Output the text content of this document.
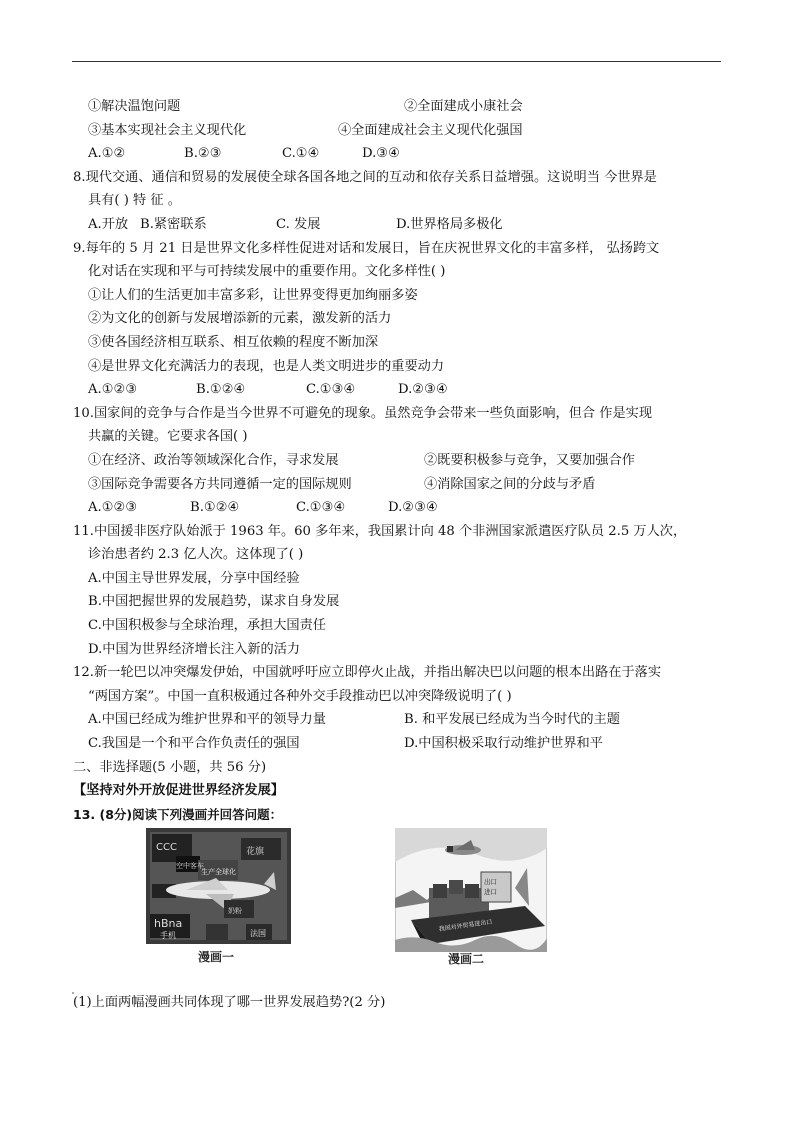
①解决温饱问题	②全面建成小康社会
③基本实现社会主义现代化	④全面建成社会主义现代化强国
A.①②	B.②③	C.①④	D.③④
8.现代交通、通信和贸易的发展使全球各国各地之间的互动和依存关系日益增强。这说明当 今世界是
具有( ) 特 征 。
A.开放 B.紧密联系	C. 发展	D.世界格局多极化
9.每年的 5 月 21 日是世界文化多样性促进对话和发展日，旨在庆祝世界文化的丰富多样， 弘扬跨文
化对话在实现和平与可持续发展中的重要作用。文化多样性( )
①让人们的生活更加丰富多彩，让世界变得更加绚丽多姿
②为文化的创新与发展增添新的元素，激发新的活力
③使各国经济相互联系、相互依赖的程度不断加深
④是世界文化充满活力的表现，也是人类文明进步的重要动力
A.①②③	B.①②④	C.①③④	D.②③④
10.国家间的竞争与合作是当今世界不可避免的现象。虽然竞争会带来一些负面影响，但合 作是实现
共赢的关键。它要求各国( )
①在经济、政治等领域深化合作，寻求发展	②既要积极参与竞争，又要加强合作
③国际竞争需要各方共同遵循一定的国际规则	④消除国家之间的分歧与矛盾
A.①②③	B.①②④	C.①③④	D.②③④
11.中国援非医疗队始派于 1963 年。60 多年来，我国累计向 48 个非洲国家派遣医疗队员 2.5 万人次，
诊治患者约 2.3 亿人次。这体现了( )
A.中国主导世界发展，分享中国经验
B.中国把握世界的发展趋势，谋求自身发展
C.中国积极参与全球治理，承担大国责任
D.中国为世界经济增长注入新的活力
12.新一轮巴以冲突爆发伊始，中国就呼吁应立即停火止战，并指出解决巴以问题的根本出路在于落实
“两国方案”。中国一直积极通过各种外交手段推动巴以冲突降级说明了( )
A.中国已经成为维护世界和平的领导力量	B. 和平发展已经成为当今时代的主题
C.我国是一个和平合作负责任的强国	D.中国积极采取行动维护世界和平
二、非选择题(5 小题，共 56 分)
【坚持对外开放促进世界经济发展】
13. (8分)阅读下列漫画并回答问题：
CCC	花旗
空中客车
生产全球化
hBna
奶粉
手机	法国
漫画一
出口
进口
我国对外贸易进出口
漫画二
(1)上面两幅漫画共同体现了哪一世界发展趋势?(2 分)
